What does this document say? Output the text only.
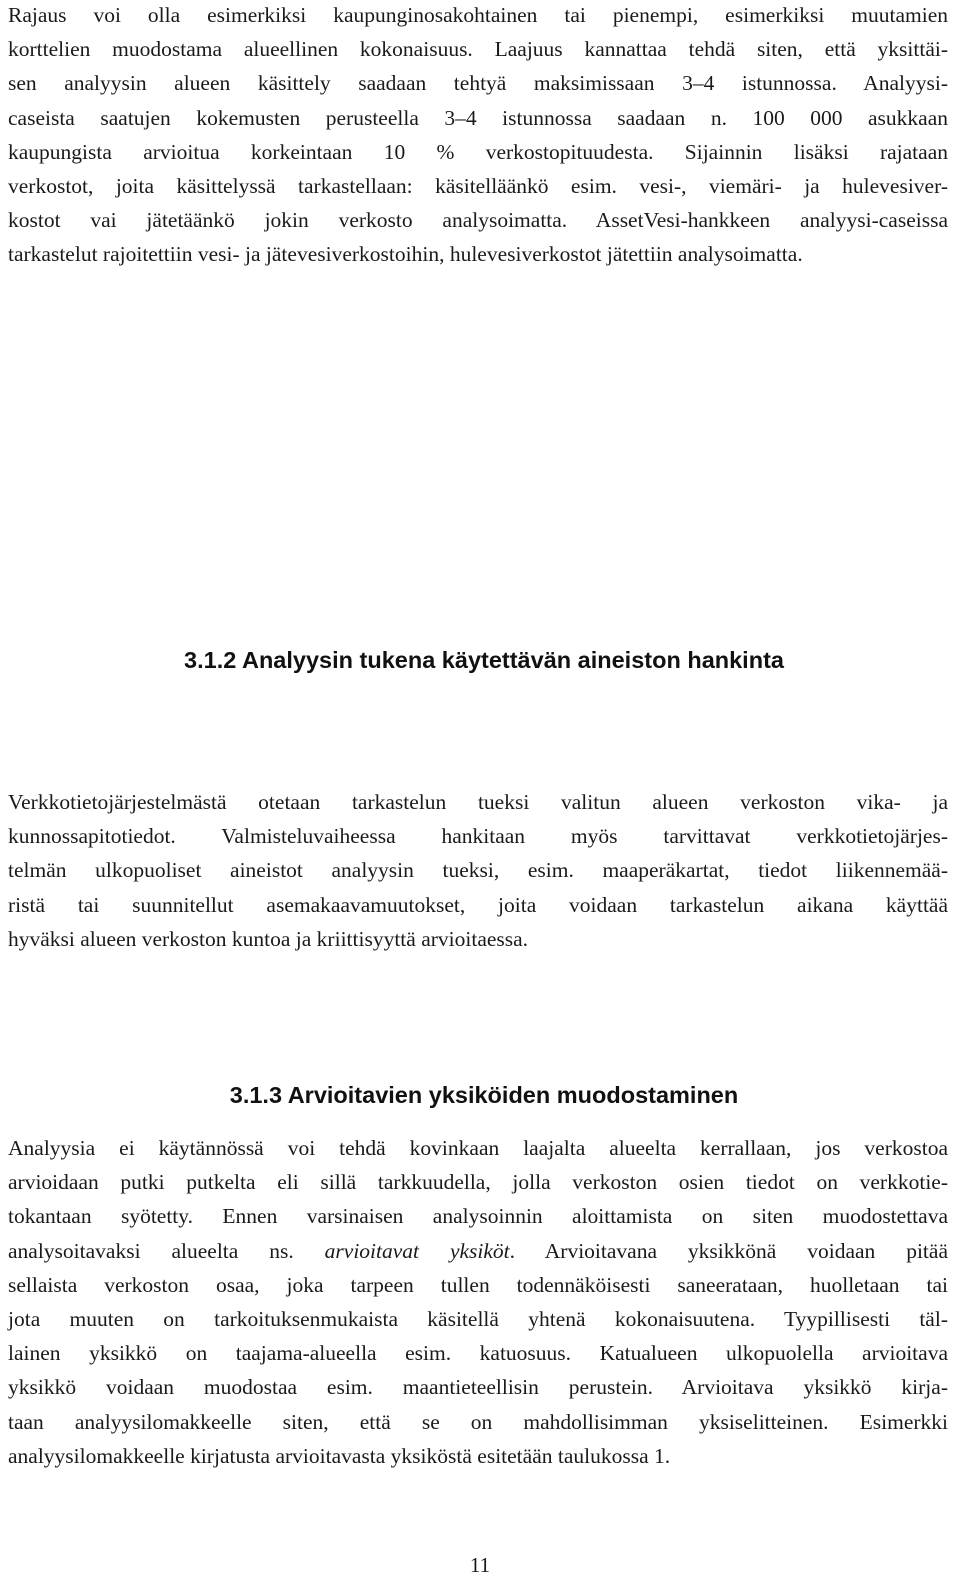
Rajaus voi olla esimerkiksi kaupunginosakohtainen tai pienempi, esimerkiksi muutamien
korttelien muodostama alueellinen kokonaisuus. Laajuus kannattaa tehdä siten, että yksittäi-
sen analyysin alueen käsittely saadaan tehtyä maksimissaan 3–4 istunnossa. Analyysi-
caseista saatujen kokemusten perusteella 3–4 istunnossa saadaan n. 100 000 asukkaan
kaupungista arvioitua korkeintaan 10 % verkostopituudesta. Sijainnin lisäksi rajataan
verkostot, joita käsittelyssä tarkastellaan: käsitelläänkö esim. vesi-, viemäri- ja hulevesiver-
kostot vai jätetäänkö jokin verkosto analysoimatta. AssetVesi-hankkeen analyysi-caseissa
tarkastelut rajoitettiin vesi- ja jätevesiverkostoihin, hulevesiverkostot jätettiin analysoimatta.
3.1.2 Analyysin tukena käytettävän aineiston hankinta
Verkkotietojärjestelmästä otetaan tarkastelun tueksi valitun alueen verkoston vika- ja
kunnossapitotiedot. Valmisteluvaiheessa hankitaan myös tarvittavat verkkotietojärjes-
telmän ulkopuoliset aineistot analyysin tueksi, esim. maaperäkartat, tiedot liikennemää-
ristä tai suunnitellut asemakaavamuutokset, joita voidaan tarkastelun aikana käyttää
hyväksi alueen verkoston kuntoa ja kriittisyyttä arvioitaessa.
3.1.3 Arvioitavien yksiköiden muodostaminen
Analyysia ei käytännössä voi tehdä kovinkaan laajalta alueelta kerrallaan, jos verkostoa
arvioidaan putki putkelta eli sillä tarkkuudella, jolla verkoston osien tiedot on verkkotie-
tokantaan syötetty. Ennen varsinaisen analysoinnin aloittamista on siten muodostettava
analysoitavaksi alueelta ns. arvioitavat yksiköt. Arvioitavana yksikkönä voidaan pitää
sellaista verkoston osaa, joka tarpeen tullen todennäköisesti saneerataan, huolletaan tai
jota muuten on tarkoituksenmukaista käsitellä yhtenä kokonaisuutena. Tyypillisesti täl-
lainen yksikkö on taajama-alueella esim. katuosuus. Katualueen ulkopuolella arvioitava
yksikkö voidaan muodostaa esim. maantieteellisin perustein. Arvioitava yksikkö kirja-
taan analyysilomakkeelle siten, että se on mahdollisimman yksiselitteinen. Esimerkki
analyysilomakkeelle kirjatusta arvioitavasta yksiköstä esitetään taulukossa 1.
11
